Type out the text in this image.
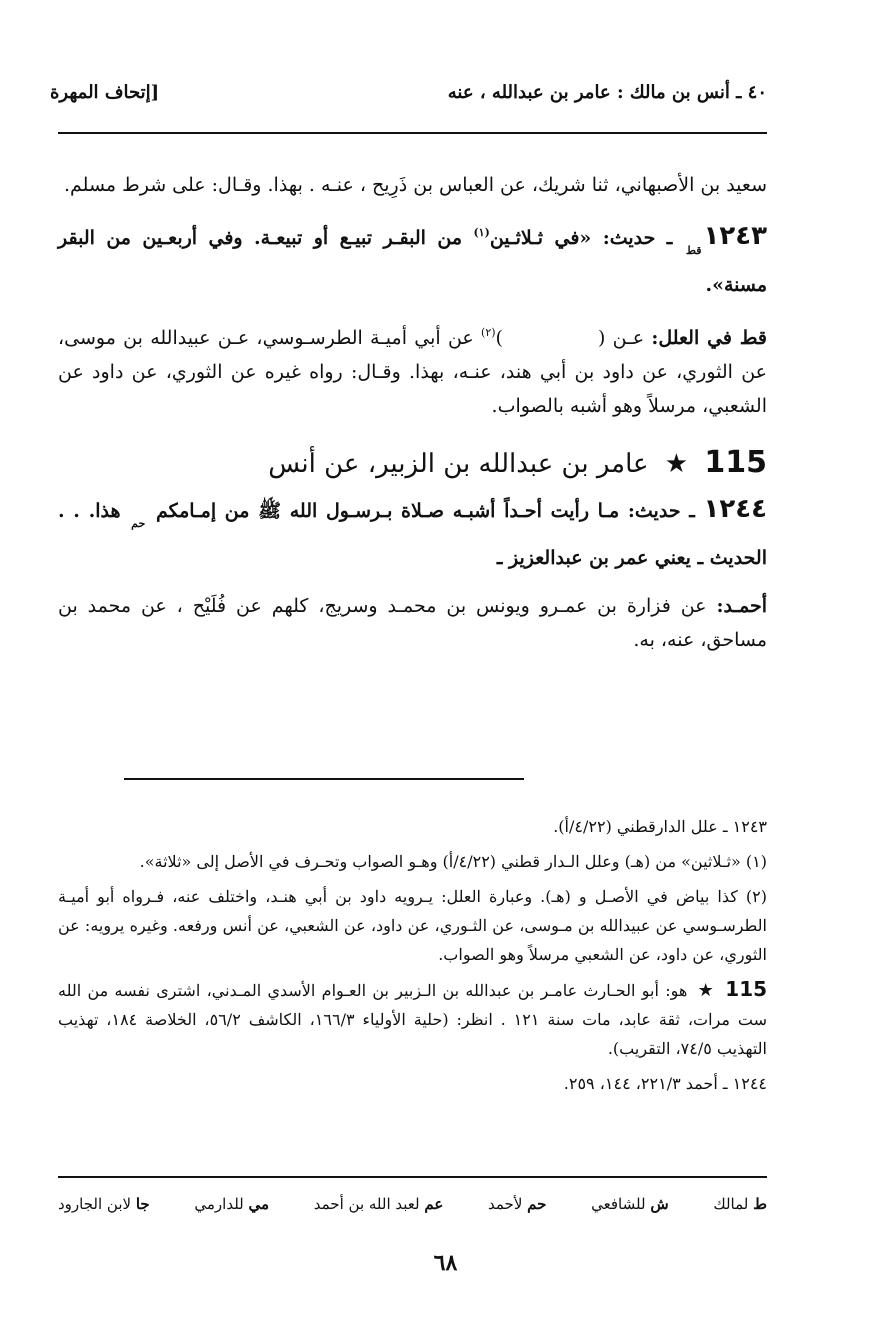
٤٠ ـ أنس بن مالك : عامر بن عبدالله ، عنه
[إتحاف المهرة

سعيد بن الأصبهاني، ثنا شريك، عن العباس بن ذَرِيح ، عنـه . بهذا. وقـال: على شرط مسلم.

$١٢٤٣_{قط}$ ـ حديث: «في ثـلاثـين$^{(١)}$ من البقـر تبيـع أو تبيعـة. وفي أربعـين من البقر مسنة».

قط في العلل: عـن ()$^{(٢)}$ عن أبي أميـة الطرسـوسي، عـن عبيدالله بن موسى، عن الثوري، عن داود بن أبي هند، عنـه، بهذا. وقـال: رواه غيره عن الثوري، عن داود عن الشعبي، مرسلاً وهو أشبه بالصواب.

115 ★ عامر بن عبدالله بن الزبير، عن أنس

١٢٤٤ ـ حديث: مـا رأيت أحـداً أشبـه صـلاة بـرسـول الله ﷺ من إمـامكم $_{حم}$ هذا. . . الحديث ـ يعني عمر بن عبدالعزيز ـ

أحمـد: عن فزارة بن عمـرو ويونس بن محمـد وسريج، كلهم عن فُلَيْح ، عن محمد بن مساحق، عنه، به.

١٢٤٣ ـ علل الدارقطني (٤/٢٢/أ).

(١) «ثـلاثين» من (هـ) وعلل الـدار قطني (٤/٢٢/أ) وهـو الصواب وتحـرف في الأصل إلى «ثلاثة».

(٢) كذا بياض في الأصـل و (هـ). وعبارة العلل: يـرويه داود بن أبي هنـد، واختلف عنه، فـرواه أبو أميـة الطرسـوسي عن عبيدالله بن مـوسى، عن الثـوري، عن داود، عن الشعبي، عن أنس ورفعه. وغيره يرويه: عن الثوري، عن داود، عن الشعبي مرسلاً وهو الصواب.

115 ★ هو: أبو الحـارث عامـر بن عبدالله بن الـزبير بن العـوام الأسدي المـدني، اشترى نفسه من الله ست مرات، ثقة عابد، مات سنة ١٢١ . انظر: (حلية الأولياء ١٦٦/٣، الكاشف ٥٦/٢، الخلاصة ١٨٤، تهذيب التهذيب ٧٤/٥، التقريب).

١٢٤٤ ـ أحمد ٢٢١/٣، ١٤٤، ٢٥٩.

ط لمالك
ش للشافعي
حم لأحمد
عم لعبد الله بن أحمد
مي للدارمي
جا لابن الجارود
٦٨
